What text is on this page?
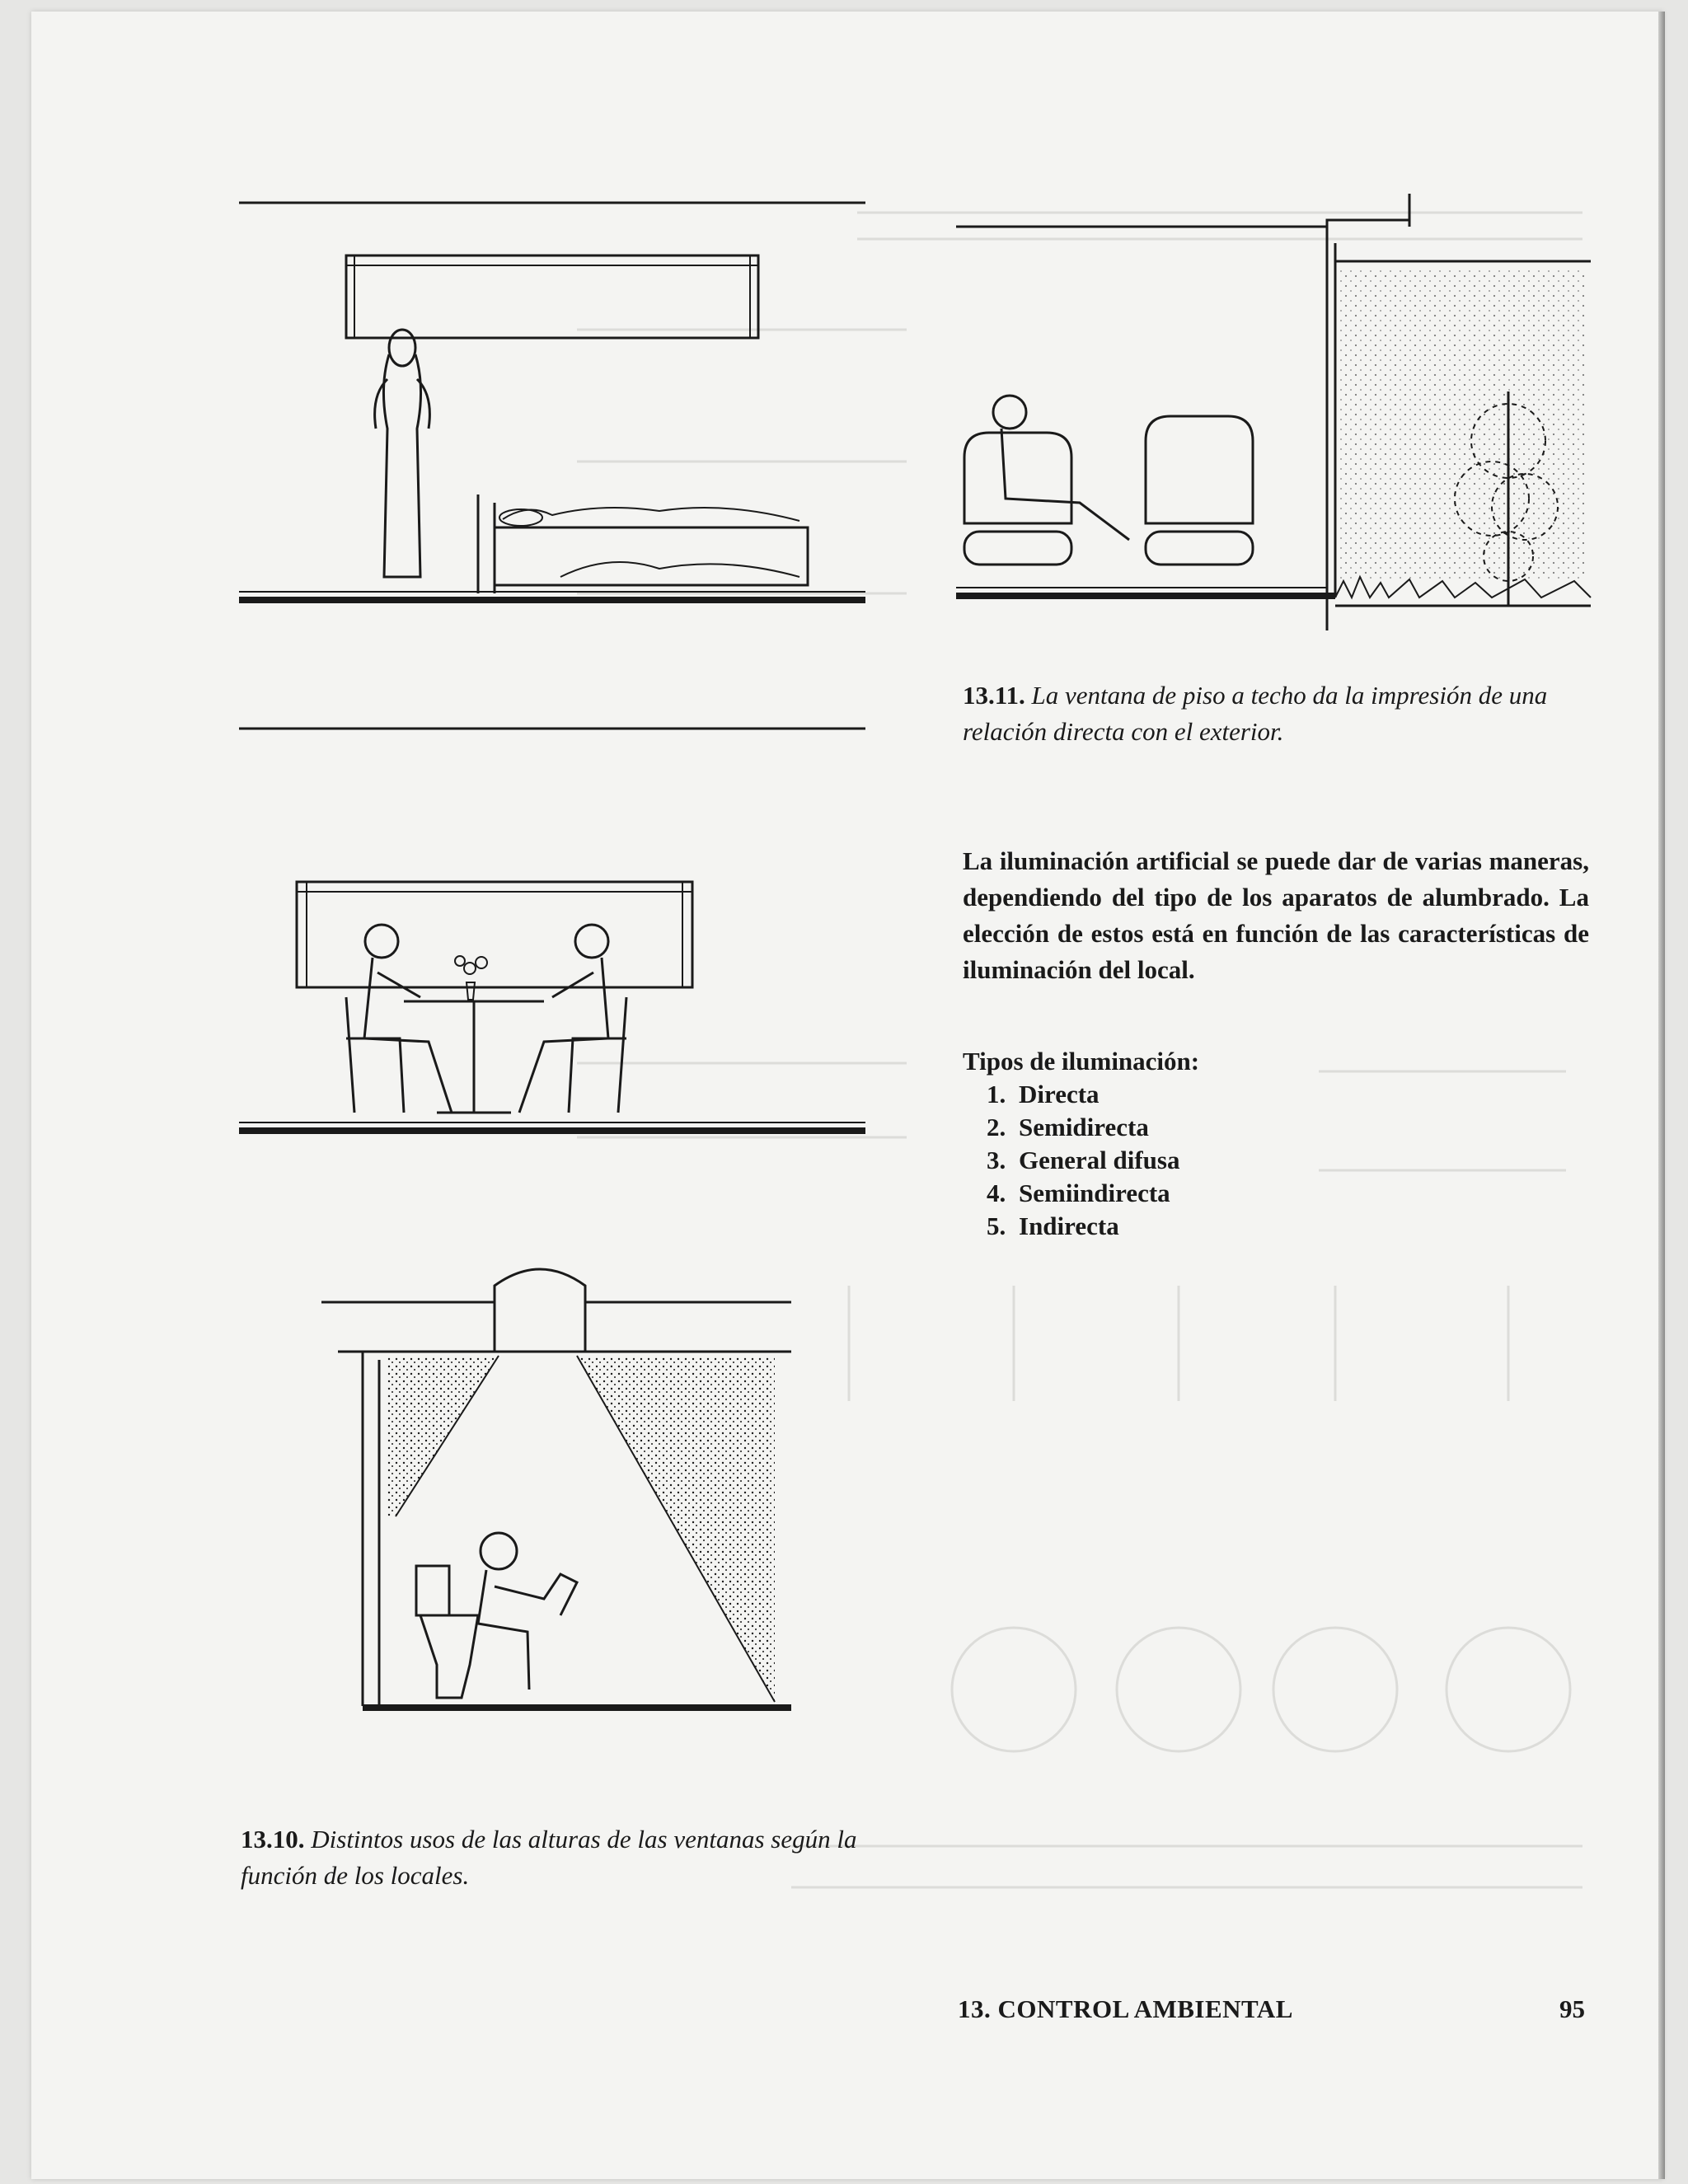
13.11. La ventana de piso a techo da la impresión de una relación directa con el exterior.
La iluminación artificial se puede dar de varias maneras, dependiendo del tipo de los aparatos de alumbrado. La elección de estos está en función de las características de iluminación del local.
Tipos de iluminación:
1. Directa
2. Semidirecta
3. General difusa
4. Semiindirecta
5. Indirecta
13.10. Distintos usos de las alturas de las ventanas según la función de los locales.
13. CONTROL AMBIENTAL	95
